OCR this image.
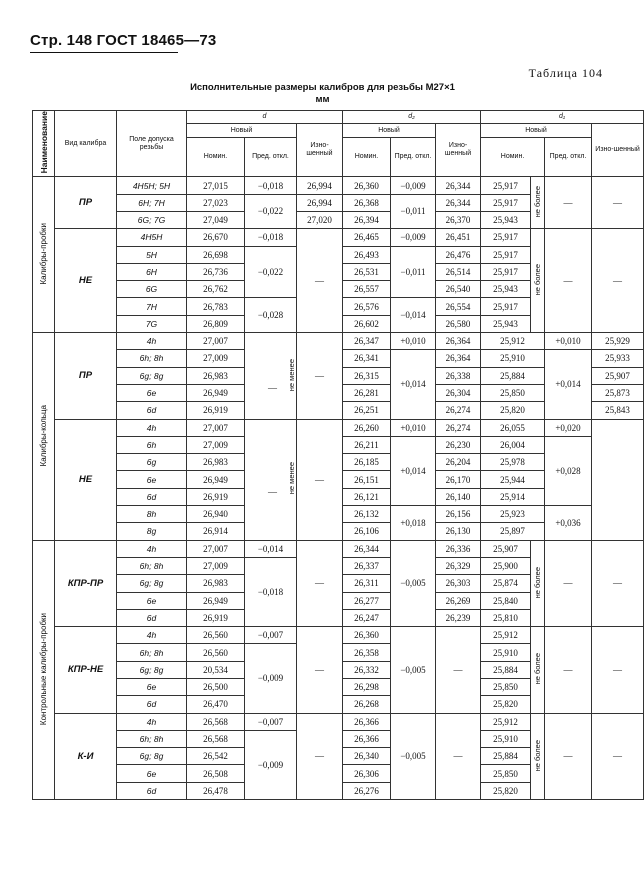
Стр. 148 ГОСТ 18465—73
Таблица 104
Исполнительные размеры калибров для резьбы М27×1
мм
Наименование	Вид калибра	Поле допуска резьбы	d			d₂			d₁			
			Новый		Изно-шенный	Новый		Изно-шенный	Новый			Изно-шенный
			Номин.	Пред. откл.		Номин.	Пред. откл.		Номин.		Пред. откл.	
Калибры-пробки	ПР	4H5H; 5H	27,015	−0,018	26,994	26,360	−0,009	26,344	25,917	не более	—	—
		6H; 7H	27,023	−0,022	26,994	26,368	−0,011	26,344	25,917			
		6G; 7G	27,049		27,020	26,394		26,370	25,943			
	НЕ	4H5H	26,670	−0,018	—	26,465	−0,009	26,451	25,917	не более	—	—
		5H	26,698	−0,022		26,493	−0,011	26,476	25,917			
		6H	26,736			26,531		26,514	25,917			
		6G	26,762			26,557		26,540	25,943			
		7H	26,783	−0,028		26,576	−0,014	26,554	25,917			
		7G	26,809			26,602		26,580	25,943			
Калибры-кольца	ПР	4h	27,007	— не менее	—	26,347	+0,010	26,364	25,912		+0,010	25,929
		6h; 8h	27,009			26,341	+0,014	26,364	25,910		+0,014	25,933
		6g; 8g	26,983			26,315		26,338	25,884			25,907
		6e	26,949			26,281		26,304	25,850			25,873
		6d	26,919			26,251		26,274	25,820			25,843
	НЕ	4h	27,007	— не менее	—	26,260	+0,010	26,274	26,055		+0,020	
		6h	27,009			26,211	+0,014	26,230	26,004		+0,028	
		6g	26,983			26,185		26,204	25,978			
		6e	26,949			26,151		26,170	25,944			
		6d	26,919			26,121		26,140	25,914			
		8h	26,940			26,132	+0,018	26,156	25,923		+0,036	
		8g	26,914			26,106		26,130	25,897			
Контрольные калибры-пробки	КПР-ПР	4h	27,007	−0,014	—	26,344	−0,005	26,336	25,907	не более	—	—
		6h; 8h	27,009	−0,018		26,337		26,329	25,900			
		6g; 8g	26,983			26,311		26,303	25,874			
		6e	26,949			26,277		26,269	25,840			
		6d	26,919			26,247		26,239	25,810			
	КПР-НЕ	4h	26,560	−0,007	—	26,360	−0,005	—	25,912	не более	—	—
		6h; 8h	26,560	−0,009		26,358			25,910			
		6g; 8g	20,534			26,332			25,884			
		6e	26,500			26,298			25,850			
		6d	26,470			26,268			25,820			
	К-И	4h	26,568	−0,007	—	26,366	−0,005	—	25,912	не более	—	—
		6h; 8h	26,568	−0,009		26,366			25,910			
		6g; 8g	26,542			26,340			25,884			
		6e	26,508			26,306			25,850			
		6d	26,478			26,276			25,820			
